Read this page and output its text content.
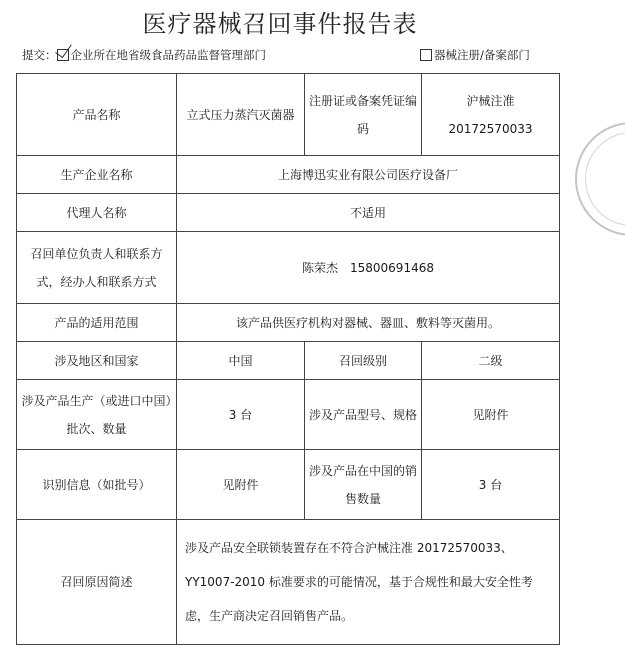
医疗器械召回事件报告表
提交： 企业所在地省级食品药品监督管理部门	器械注册/备案部门
产品名称	立式压力蒸汽灭菌器	注册证或备案凭证编码	沪械注准 20172570033
生产企业名称	上海博迅实业有限公司医疗设备厂		
代理人名称	不适用		
召回单位负责人和联系方式，经办人和联系方式	陈荣杰　15800691468		
产品的适用范围	该产品供医疗机构对器械、器皿、敷料等灭菌用。		
涉及地区和国家	中国	召回级别	二级
涉及产品生产（或进口中国）批次、数量	3 台	涉及产品型号、规格	见附件
识别信息（如批号）	见附件	涉及产品在中国的销售数量	3 台
召回原因简述	涉及产品安全联锁装置存在不符合沪械注准 20172570033、YY1007-2010 标准要求的可能情况，基于合规性和最大安全性考虑，生产商决定召回销售产品。		
